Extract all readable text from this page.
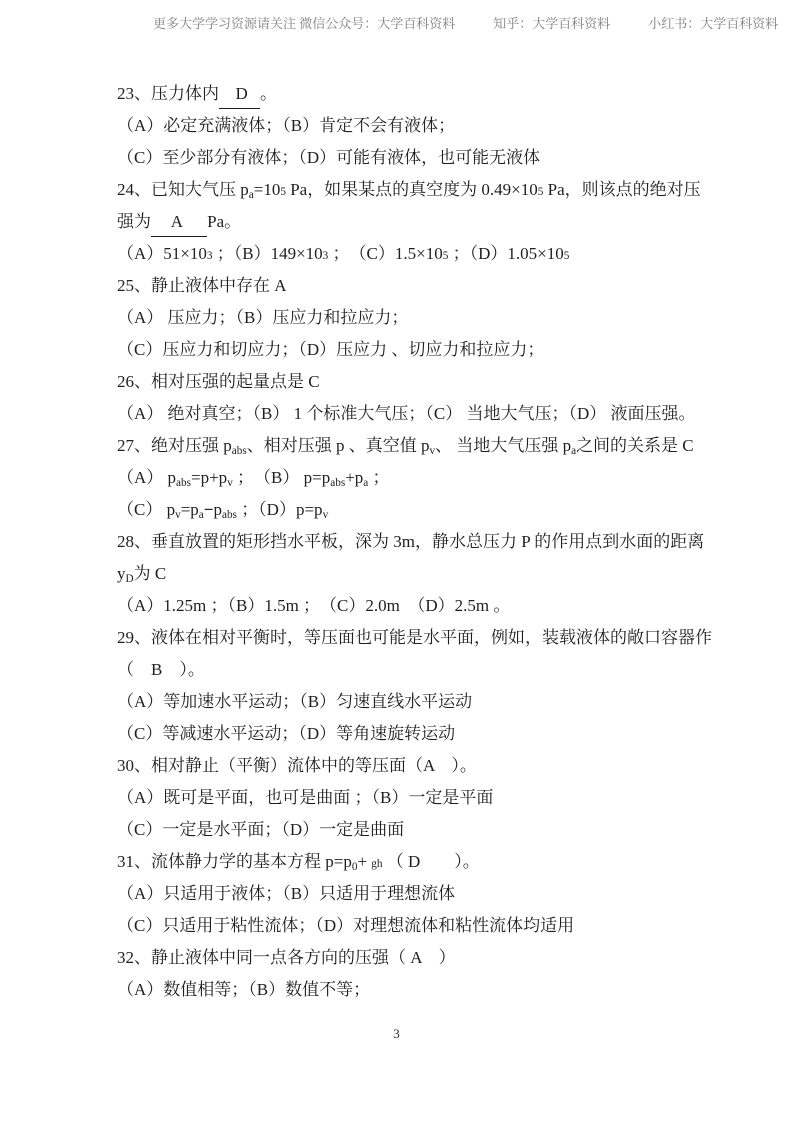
更多大学学习资源请关注 微信公众号：大学百科资料	知乎：大学百科资料	小红书：大学百科资料
23、压力体内  D 。
（A）必定充满液体；（B）肯定不会有液体；
（C）至少部分有液体；（D）可能有液体，也可能无液体
24、已知大气压 $p_a=105$ Pa，如果某点的真空度为 0.49×105 Pa，则该点的绝对压
强为   A    Pa。
（A）51×103 ；（B）149×103 ；　（C）1.5×105 ；（D）1.05×105
25、静止液体中存在 A
（A） 压应力；（B）压应力和拉应力；
（C）压应力和切应力；（D）压应力 、切应力和拉应力；
26、相对压强的起量点是 C
（A） 绝对真空；（B） 1 个标准大气压；（C） 当地大气压；（D） 液面压强。
27、绝对压强 $p_{abs}$、相对压强 p 、真空值 $p_v$、 当地大气压强 $p_a$之间的关系是 C
（A） $p_{abs}=p+p_v$ ；　（B） $p=p_{abs}+p_a$ ；
（C） $p_v=p_a-p_{abs}$ ；$(D)p=p_v$
28、垂直放置的矩形挡水平板，深为 3m，静水总压力 P 的作用点到水面的距离
$y_D$为 C
（A）1.25m ；（B）1.5m ；　（C）2.0m　（D）2.5m 。
29、液体在相对平衡时，等压面也可能是水平面，例如，装载液体的敞口容器作
（　B　）。
（A）等加速水平运动；（B）匀速直线水平运动
（C）等减速水平运动；（D）等角速旋转运动
30、相对静止（平衡）流体中的等压面（A　）。
（A）既可是平面，也可是曲面 ；（B）一定是平面
（C）一定是水平面；（D）一定是曲面
31、流体静力学的基本方程 $p=p_0+$ gh （ D　　）。
（A）只适用于液体；（B）只适用于理想流体
（C）只适用于粘性流体；（D）对理想流体和粘性流体均适用
32、静止液体中同一点各方向的压强（ A　）
（A）数值相等；（B）数值不等；
3
